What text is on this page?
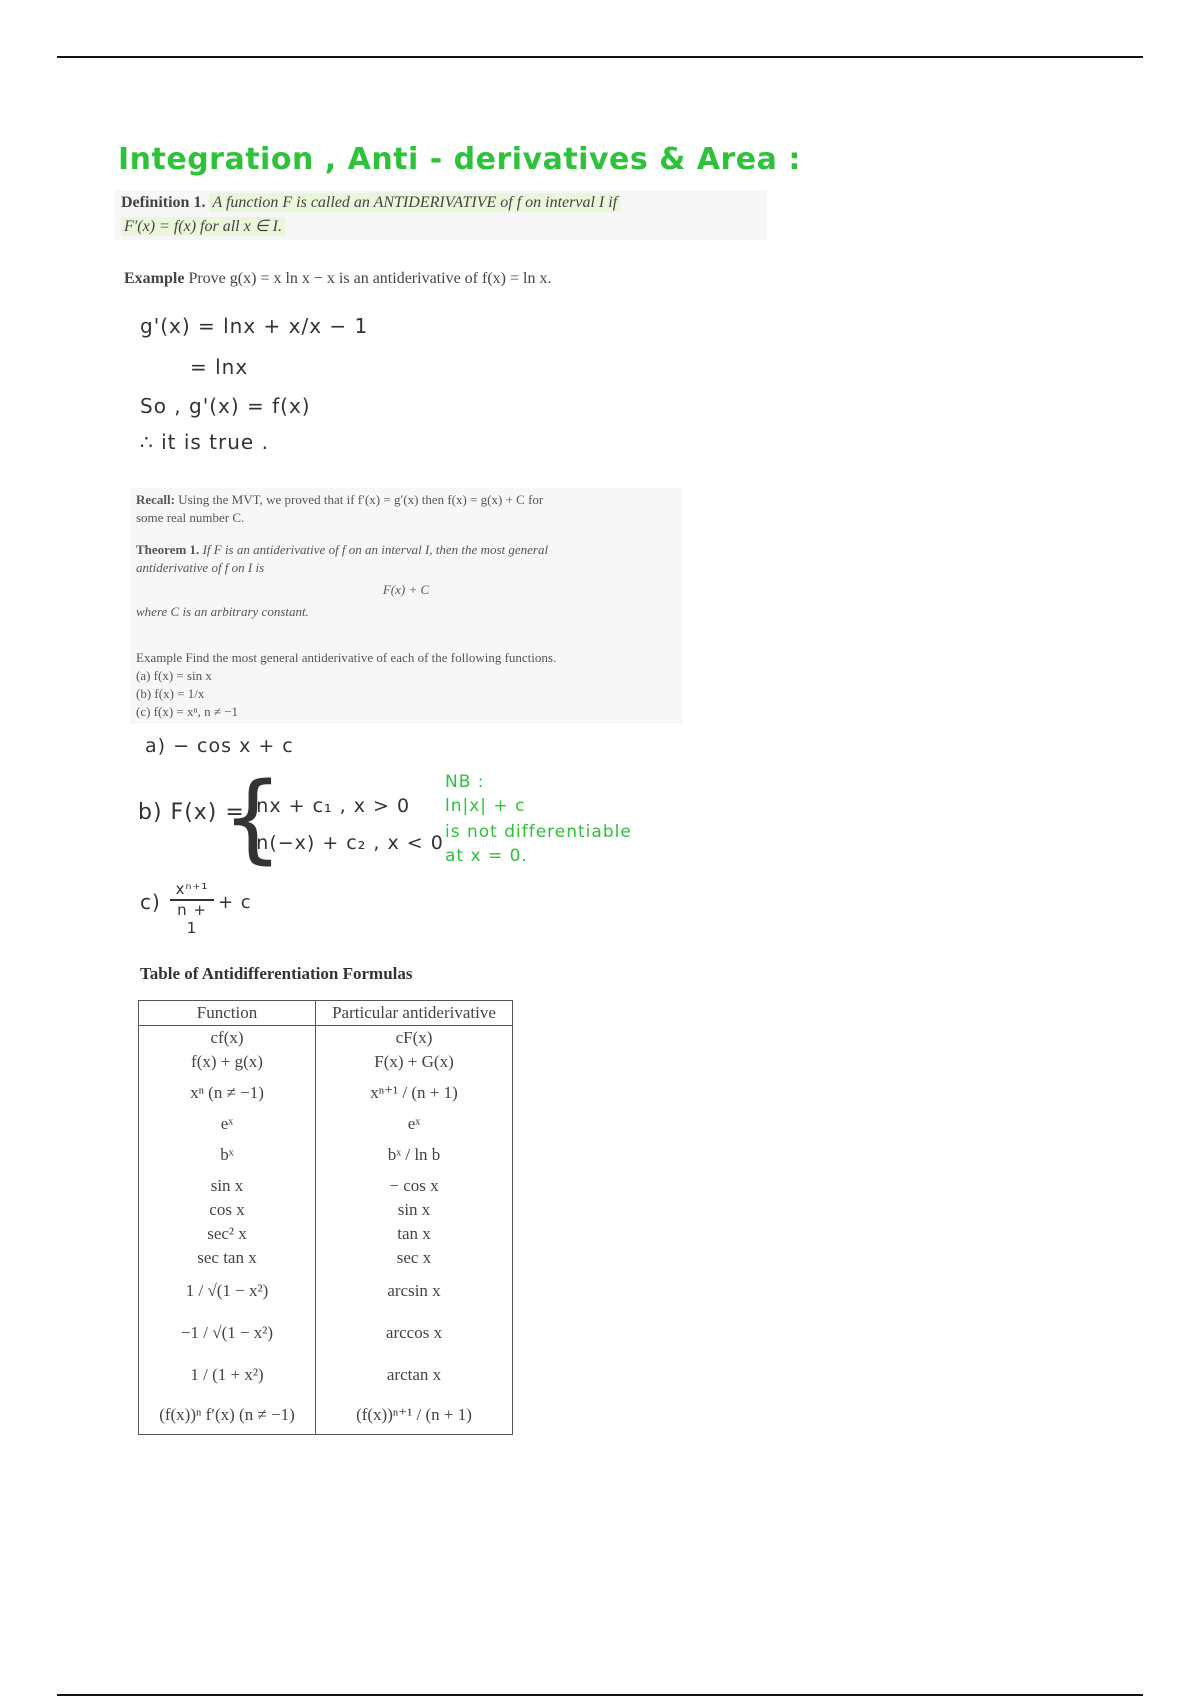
Integration , Anti - derivatives & Area :
Definition 1. A function F is called an ANTIDERIVATIVE of f on interval I if
F′(x) = f(x) for all x ∈ I.
Example Prove g(x) = x ln x − x is an antiderivative of f(x) = ln x.
g'(x) = lnx + x/x − 1
= lnx
So , g'(x) = f(x)
∴ it is true .
Recall: Using the MVT, we proved that if f′(x) = g′(x) then f(x) = g(x) + C for
some real number C.
Theorem 1. If F is an antiderivative of f on an interval I, then the most general
antiderivative of f on I is
F(x) + C
where C is an arbitrary constant.
Example Find the most general antiderivative of each of the following functions.
(a) f(x) = sin x
(b) f(x) = 1/x
(c) f(x) = xⁿ, n ≠ −1
a) − cos x + c
b) F(x) =
{
lnx + c₁ , x > 0
ln(−x) + c₂ , x < 0
$c) \frac{\text{xⁿ⁺¹}}{n + 1} + c$
NB :
ln|x| + c
is not differentiable
at x = 0.
Table of Antidifferentiation Formulas
Function	Particular antiderivative
cf(x)	cF(x)
f(x) + g(x)	F(x) + G(x)
xⁿ (n ≠ −1)	xⁿ⁺¹ / (n + 1)
eˣ	eˣ
bˣ	bˣ / ln b
sin x	− cos x
cos x	sin x
sec² x	tan x
sec tan x	sec x
1 / √(1 − x²)	arcsin x
−1 / √(1 − x²)	arccos x
1 / (1 + x²)	arctan x
(f(x))ⁿ f′(x) (n ≠ −1)	(f(x))ⁿ⁺¹ / (n + 1)
